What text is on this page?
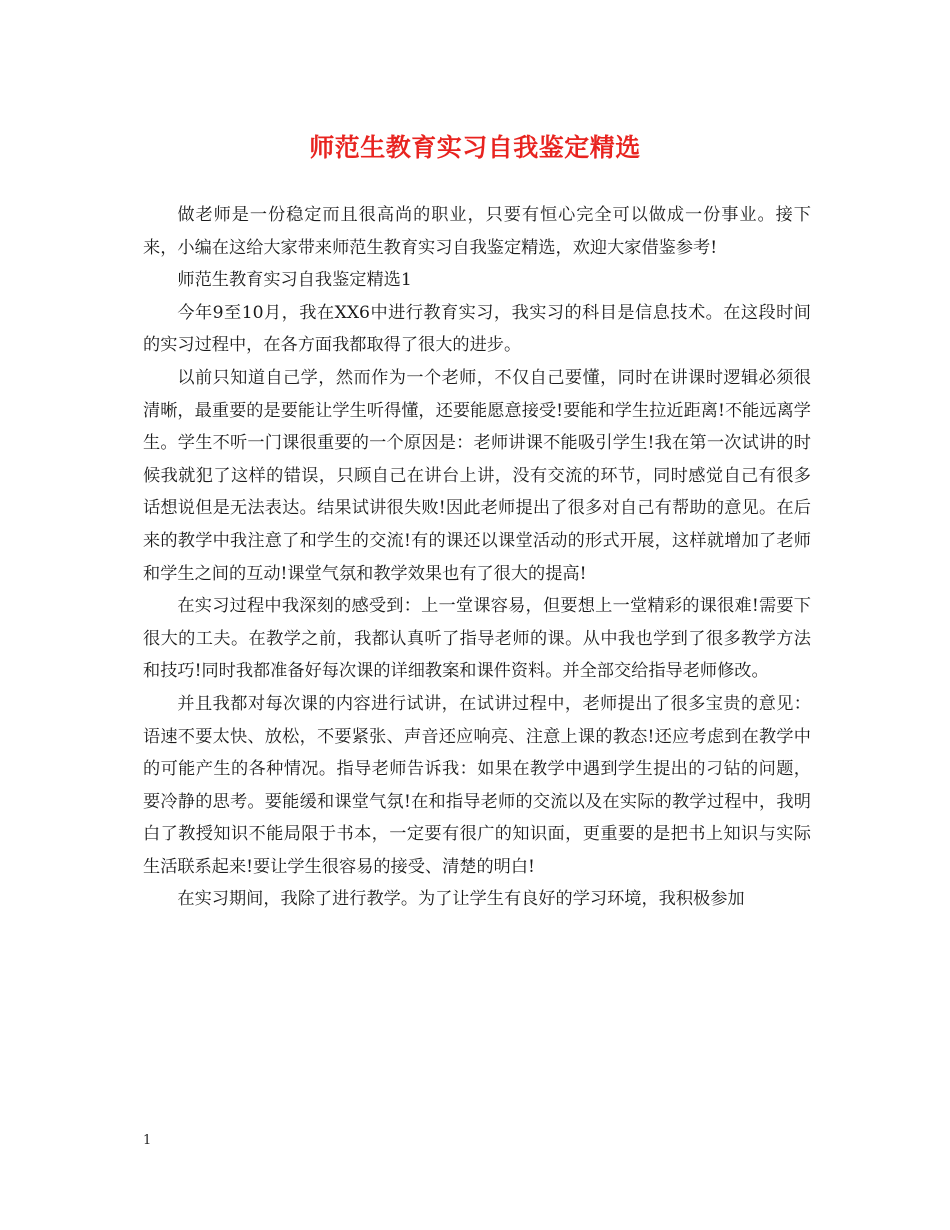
师范生教育实习自我鉴定精选

做老师是一份稳定而且很高尚的职业，只要有恒心完全可以做成一份事业。接下来，小编在这给大家带来师范生教育实习自我鉴定精选，欢迎大家借鉴参考!

师范生教育实习自我鉴定精选1

今年9至10月，我在XX6中进行教育实习，我实习的科目是信息技术。在这段时间的实习过程中，在各方面我都取得了很大的进步。

以前只知道自己学，然而作为一个老师，不仅自己要懂，同时在讲课时逻辑必须很清晰，最重要的是要能让学生听得懂，还要能愿意接受!要能和学生拉近距离!不能远离学生。学生不听一门课很重要的一个原因是：老师讲课不能吸引学生!我在第一次试讲的时候我就犯了这样的错误，只顾自己在讲台上讲，没有交流的环节，同时感觉自己有很多话想说但是无法表达。结果试讲很失败!因此老师提出了很多对自己有帮助的意见。在后来的教学中我注意了和学生的交流!有的课还以课堂活动的形式开展，这样就增加了老师和学生之间的互动!课堂气氛和教学效果也有了很大的提高!

在实习过程中我深刻的感受到：上一堂课容易，但要想上一堂精彩的课很难!需要下很大的工夫。在教学之前，我都认真听了指导老师的课。从中我也学到了很多教学方法和技巧!同时我都准备好每次课的详细教案和课件资料。并全部交给指导老师修改。

并且我都对每次课的内容进行试讲，在试讲过程中，老师提出了很多宝贵的意见：语速不要太快、放松，不要紧张、声音还应响亮、注意上课的教态!还应考虑到在教学中的可能产生的各种情况。指导老师告诉我：如果在教学中遇到学生提出的刁钻的问题，要冷静的思考。要能缓和课堂气氛!在和指导老师的交流以及在实际的教学过程中，我明白了教授知识不能局限于书本，一定要有很广的知识面，更重要的是把书上知识与实际生活联系起来!要让学生很容易的接受、清楚的明白!

在实习期间，我除了进行教学。为了让学生有良好的学习环境，我积极参加

1
